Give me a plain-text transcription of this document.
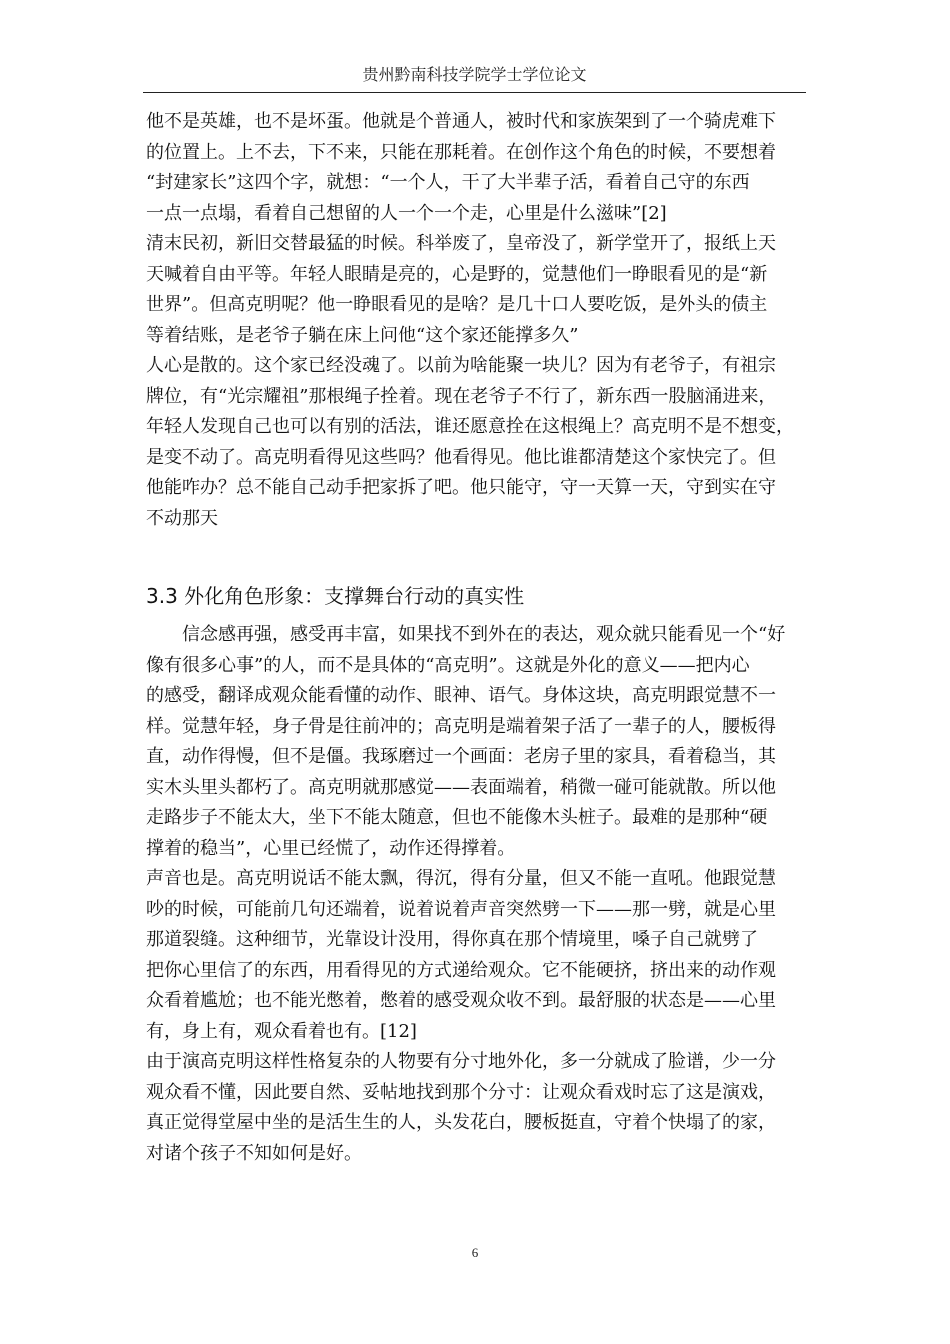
贵州黔南科技学院学士学位论文
他不是英雄，也不是坏蛋。他就是个普通人，被时代和家族架到了一个骑虎难下
的位置上。上不去，下不来，只能在那耗着。在创作这个角色的时候，不要想着
“封建家长”这四个字，就想：“一个人，干了大半辈子活，看着自己守的东西
一点一点塌，看着自己想留的人一个一个走，心里是什么滋味”[2]
清末民初，新旧交替最猛的时候。科举废了，皇帝没了，新学堂开了，报纸上天
天喊着自由平等。年轻人眼睛是亮的，心是野的，觉慧他们一睁眼看见的是“新
世界”。但高克明呢？他一睁眼看见的是啥？是几十口人要吃饭，是外头的债主
等着结账，是老爷子躺在床上问他“这个家还能撑多久”
人心是散的。这个家已经没魂了。以前为啥能聚一块儿？因为有老爷子，有祖宗
牌位，有“光宗耀祖”那根绳子拴着。现在老爷子不行了，新东西一股脑涌进来，
年轻人发现自己也可以有别的活法，谁还愿意拴在这根绳上？高克明不是不想变，
是变不动了。高克明看得见这些吗？他看得见。他比谁都清楚这个家快完了。但
他能咋办？总不能自己动手把家拆了吧。他只能守，守一天算一天，守到实在守
不动那天
3.3 外化角色形象：支撑舞台行动的真实性
信念感再强，感受再丰富，如果找不到外在的表达，观众就只能看见一个“好
像有很多心事”的人，而不是具体的“高克明”。这就是外化的意义——把内心
的感受，翻译成观众能看懂的动作、眼神、语气。身体这块，高克明跟觉慧不一
样。觉慧年轻，身子骨是往前冲的；高克明是端着架子活了一辈子的人，腰板得
直，动作得慢，但不是僵。我琢磨过一个画面：老房子里的家具，看着稳当，其
实木头里头都朽了。高克明就那感觉——表面端着，稍微一碰可能就散。所以他
走路步子不能太大，坐下不能太随意，但也不能像木头桩子。最难的是那种“硬
撑着的稳当”，心里已经慌了，动作还得撑着。
声音也是。高克明说话不能太飘，得沉，得有分量，但又不能一直吼。他跟觉慧
吵的时候，可能前几句还端着，说着说着声音突然劈一下——那一劈，就是心里
那道裂缝。这种细节，光靠设计没用，得你真在那个情境里，嗓子自己就劈了
把你心里信了的东西，用看得见的方式递给观众。它不能硬挤，挤出来的动作观
众看着尴尬；也不能光憋着，憋着的感受观众收不到。最舒服的状态是——心里
有，身上有，观众看着也有。[12]
由于演高克明这样性格复杂的人物要有分寸地外化，多一分就成了脸谱，少一分
观众看不懂，因此要自然、妥帖地找到那个分寸：让观众看戏时忘了这是演戏，
真正觉得堂屋中坐的是活生生的人，头发花白，腰板挺直，守着个快塌了的家，
对诸个孩子不知如何是好。
6
